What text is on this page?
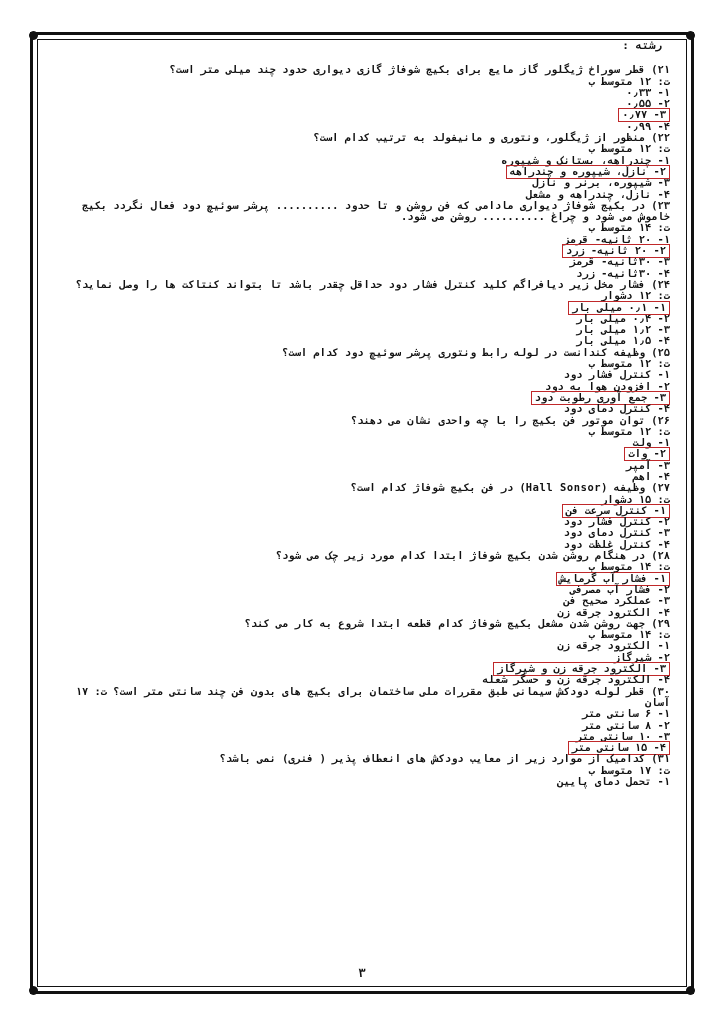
رشته :
۲۱) قطر سوراخ ژیگلور گاز مایع برای بکیج شوفاژ گازی دیواری حدود چند میلی متر است؟
ت: ۱۲ متوسط ب
۱- ۰٫۳۳
۲- ۰٫۵۵
۳- ۰٫۷۷
۴- ۰٫۹۹
۲۲) منظور از ژیگلور، ونتوری و مانیفولد به ترتیب کدام است؟
ت: ۱۲ متوسط ب
۱- چندراهه، بستانک و شیپوره
۲- نازل، شیپوره و چندراهه
۳- شیپوره، برنر و نازل
۴- نازل، چندراهه و مشعل
۲۳) در بکیج شوفاژ دیواری مادامی که فن روشن و تا حدود .......... پرشر سوئیچ دود فعال نگردد بکیج خاموش می شود و چراغ .......... روشن می شود.
ت: ۱۴ متوسط ب
۱- ۲۰ ثانیه- قرمز
۲- ۲۰ ثانیه- زرد
۳- ۳۰ثانیه- قرمز
۴- ۳۰ثانیه- زرد
۲۴) فشار مخل زیر دیافراگم کلید کنترل فشار دود حداقل چقدر باشد تا بتواند کنتاکت ها را وصل نماید؟ ت: ۱۲ دشوار
۱- ۰٫۱ میلی بار
۲- ۰٫۴ میلی بار
۳- ۱٫۲ میلی بار
۴- ۱٫۵ میلی بار
۲۵) وظیفه کندانست در لوله رابط ونتوری پرشر سوئیچ دود کدام است؟
ت: ۱۲ متوسط ب
۱- کنترل فشار دود
۲- افزودن هوا به دود
۳- جمع آوری رطوبت دود
۴- کنترل دمای دود
۲۶) توان موتور فن بکیج را با چه واحدی نشان می دهند؟
ت: ۱۲ متوسط ب
۱- ولت
۲- وات
۳- آمپر
۴- اهم
۲۷) وظیفه (Hall Sonsor) در فن بکیج شوفاژ کدام است؟
ت: ۱۵ دشوار
۱- کنترل سرعت فن
۲- کنترل فشار دود
۳- کنترل دمای دود
۴- کنترل غلظت دود
۲۸) در هنگام روشن شدن بکیج شوفاژ ابتدا کدام مورد زیر چک می شود؟
ت: ۱۴ متوسط ب
۱- فشار آب گرمایش
۲- فشار آب مصرفی
۳- عملکرد صحیح فن
۴- الکترود جرقه زن
۲۹) جهت روشن شدن مشعل بکیج شوفاژ کدام قطعه ابتدا شروع به کار می کند؟
ت: ۱۴ متوسط ب
۱- الکترود جرقه زن
۲- شیرگاز
۳- الکترود جرقه زن و شیرگاز
۴- الکترود جرقه زن و حسگر شعله
۳۰) قطر لوله دودکش سیمانی طبق مقررات ملی ساختمان برای بکیج های بدون فن چند سانتی متر است؟ ت: ۱۷ آسان
۱- ۶ سانتی متر
۲- ۸ سانتی متر
۳- ۱۰ سانتی متر
۴- ۱۵ سانتی متر
۳۱) کدامیک از موارد زیر از معایب دودکش های انعطاف پذیر ( فنری) نمی باشد؟
ت: ۱۷ متوسط ب
۱- تحمل دمای پایین
۳
